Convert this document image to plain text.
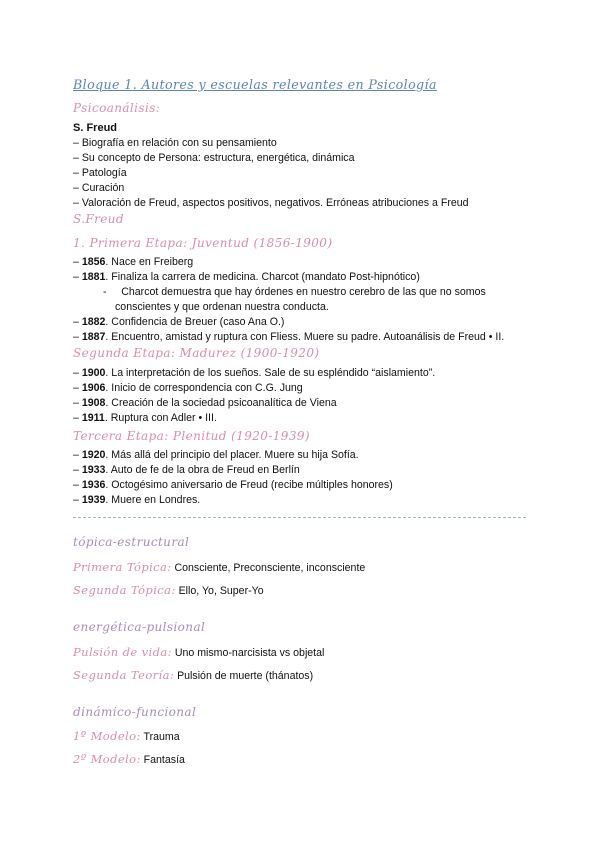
Bloque 1. Autores y escuelas relevantes en Psicología
Psicoanálisis:
S. Freud
– Biografía en relación con su pensamiento
– Su concepto de Persona: estructura, energética, dinámica
– Patología
– Curación
– Valoración de Freud, aspectos positivos, negativos. Erróneas atribuciones a Freud
S.Freud
1. Primera Etapa: Juventud (1856-1900)
– 1856. Nace en Freiberg
– 1881. Finaliza la carrera de medicina. Charcot (mandato Post-hipnótico)
- Charcot demuestra que hay órdenes en nuestro cerebro de las que no somos
conscientes y que ordenan nuestra conducta.
– 1882. Confidencia de Breuer (caso Ana O.)
– 1887. Encuentro, amistad y ruptura con Fliess. Muere su padre. Autoanálisis de Freud • II.
Segunda Etapa: Madurez (1900-1920)
– 1900. La interpretación de los sueños. Sale de su espléndido “aislamiento”.
– 1906. Inicio de correspondencia con C.G. Jung
– 1908. Creación de la sociedad psicoanalítica de Viena
– 1911. Ruptura con Adler • III.
Tercera Etapa: Plenitud (1920-1939)
– 1920. Más allá del principio del placer. Muere su hija Sofía.
– 1933. Auto de fe de la obra de Freud en Berlín
– 1936. Octogésimo aniversario de Freud (recibe múltiples honores)
– 1939. Muere en Londres.
tópica-estructural
Primera Tópica: Consciente, Preconsciente, inconsciente
Segunda Tópica: Ello, Yo, Super-Yo
energética-pulsional
Pulsión de vida: Uno mismo-narcisista vs objetal
Segunda Teoría: Pulsión de muerte (thánatos)
dinámico-funcional
1º Modelo: Trauma
2º Modelo: Fantasía
